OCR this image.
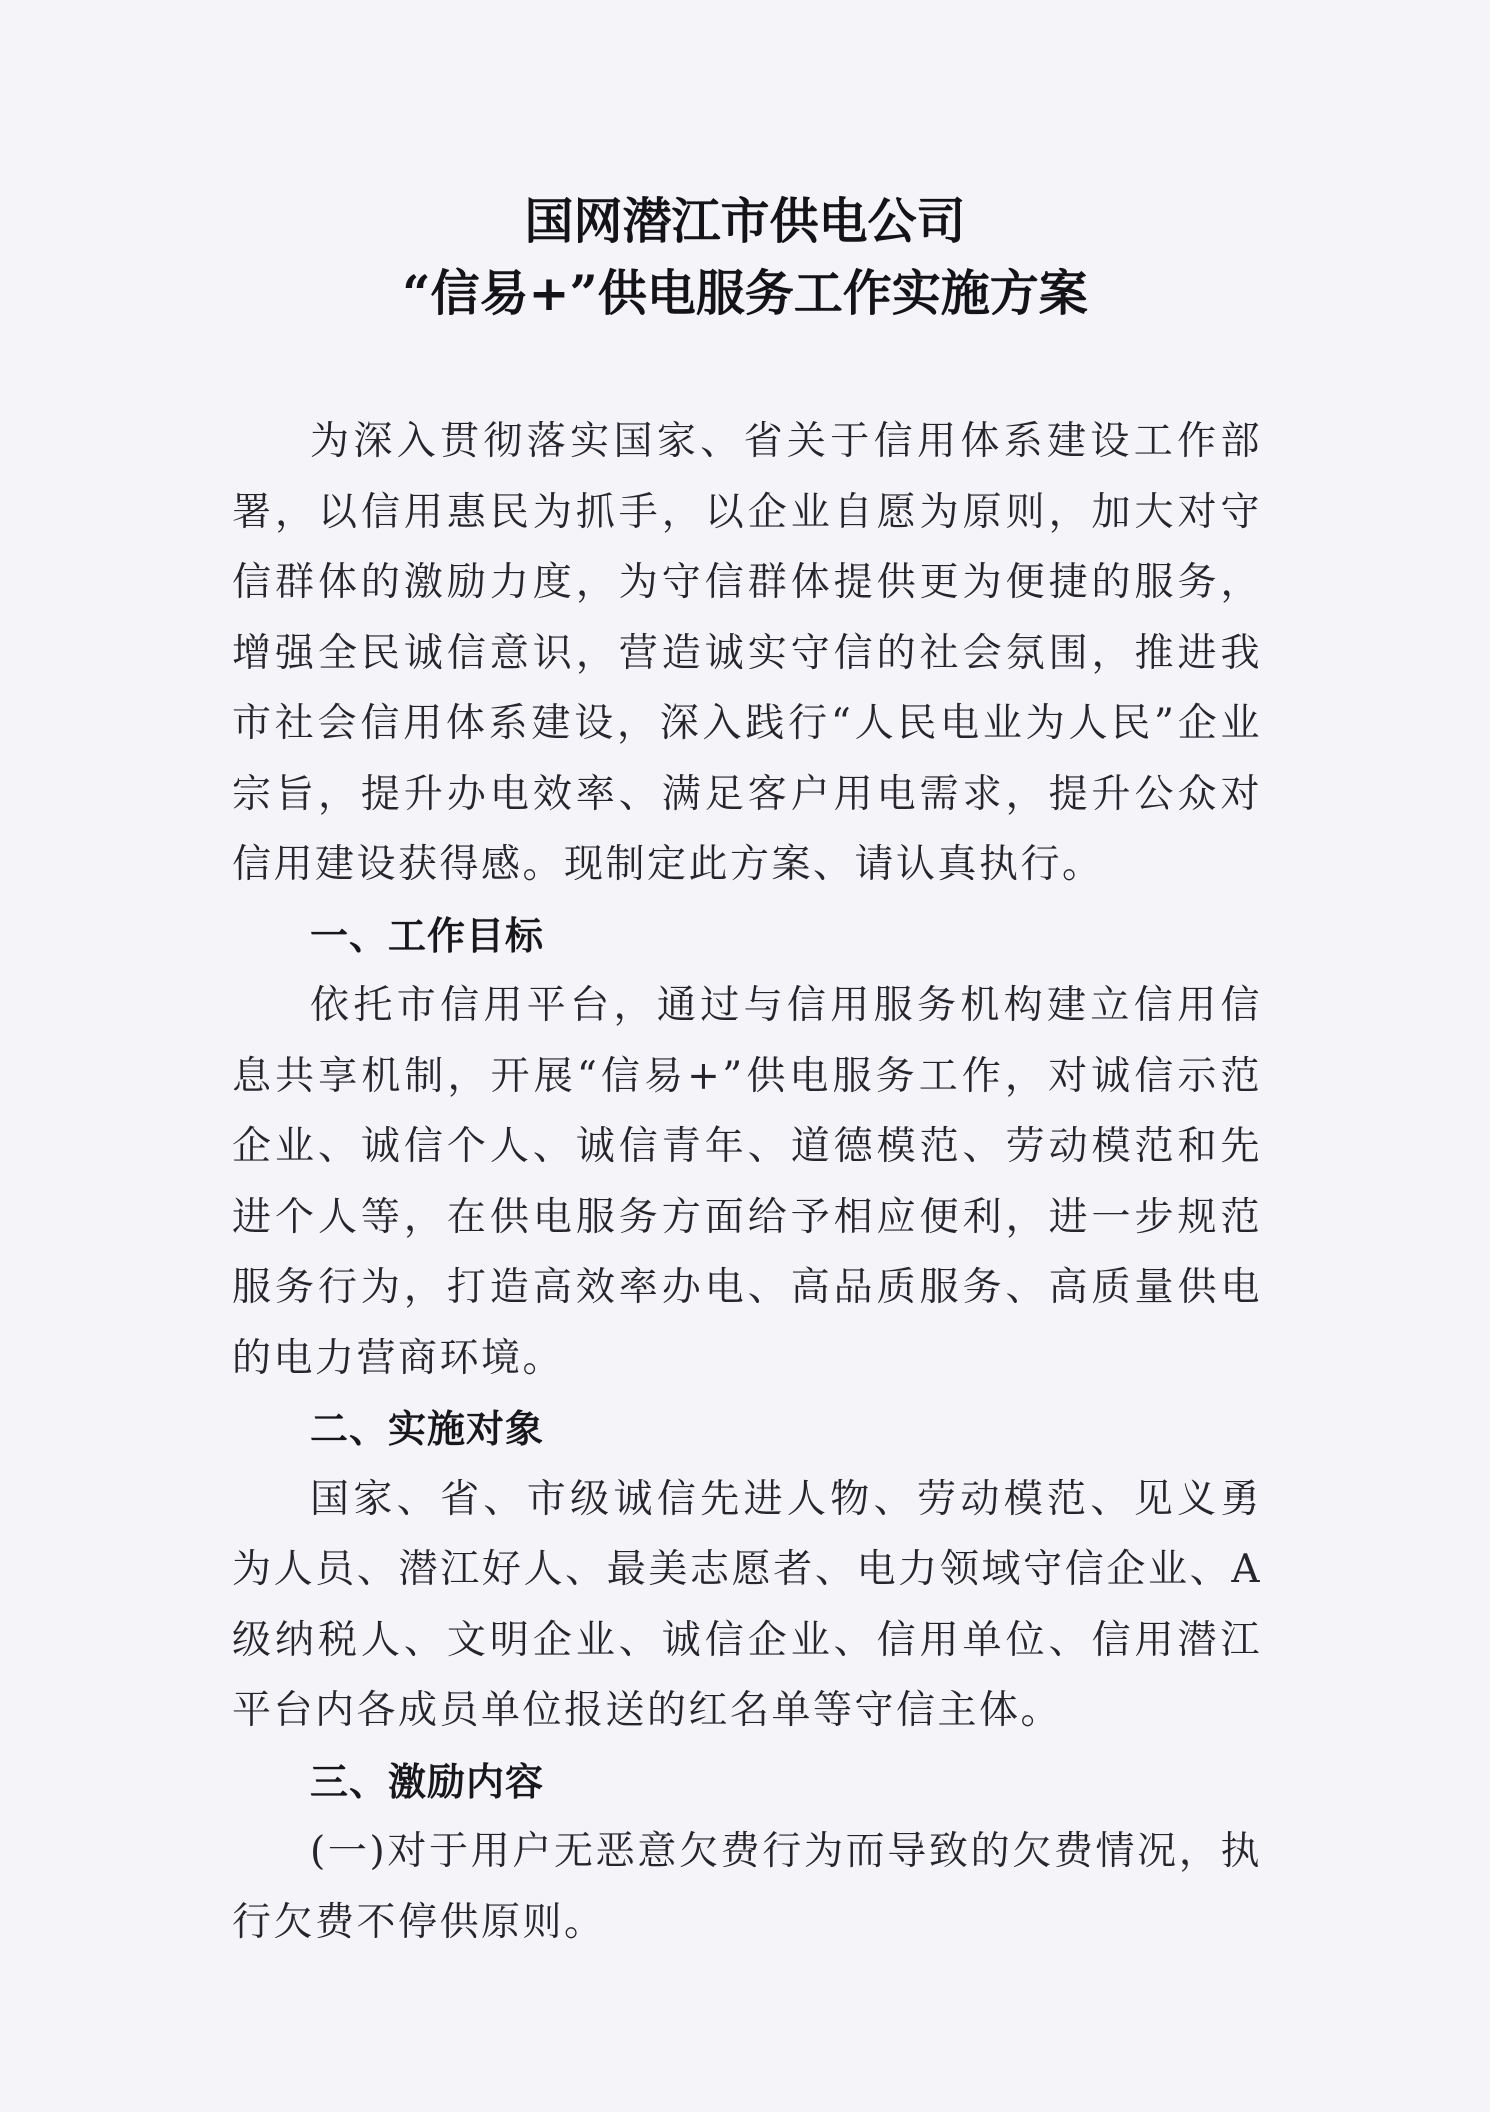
国网潜江市供电公司
“信易+”供电服务工作实施方案

为深入贯彻落实国家、省关于信用体系建设工作部署，以信用惠民为抓手，以企业自愿为原则，加大对守信群体的激励力度，为守信群体提供更为便捷的服务，增强全民诚信意识，营造诚实守信的社会氛围，推进我市社会信用体系建设，深入践行“人民电业为人民”企业宗旨，提升办电效率、满足客户用电需求，提升公众对信用建设获得感。现制定此方案、请认真执行。

一、工作目标

依托市信用平台，通过与信用服务机构建立信用信息共享机制，开展“信易+”供电服务工作，对诚信示范企业、诚信个人、诚信青年、道德模范、劳动模范和先进个人等，在供电服务方面给予相应便利，进一步规范服务行为，打造高效率办电、高品质服务、高质量供电的电力营商环境。

二、实施对象

国家、省、市级诚信先进人物、劳动模范、见义勇为人员、潜江好人、最美志愿者、电力领域守信企业、A级纳税人、文明企业、诚信企业、信用单位、信用潜江平台内各成员单位报送的红名单等守信主体。

三、激励内容

(一)对于用户无恶意欠费行为而导致的欠费情况，执行欠费不停供原则。
